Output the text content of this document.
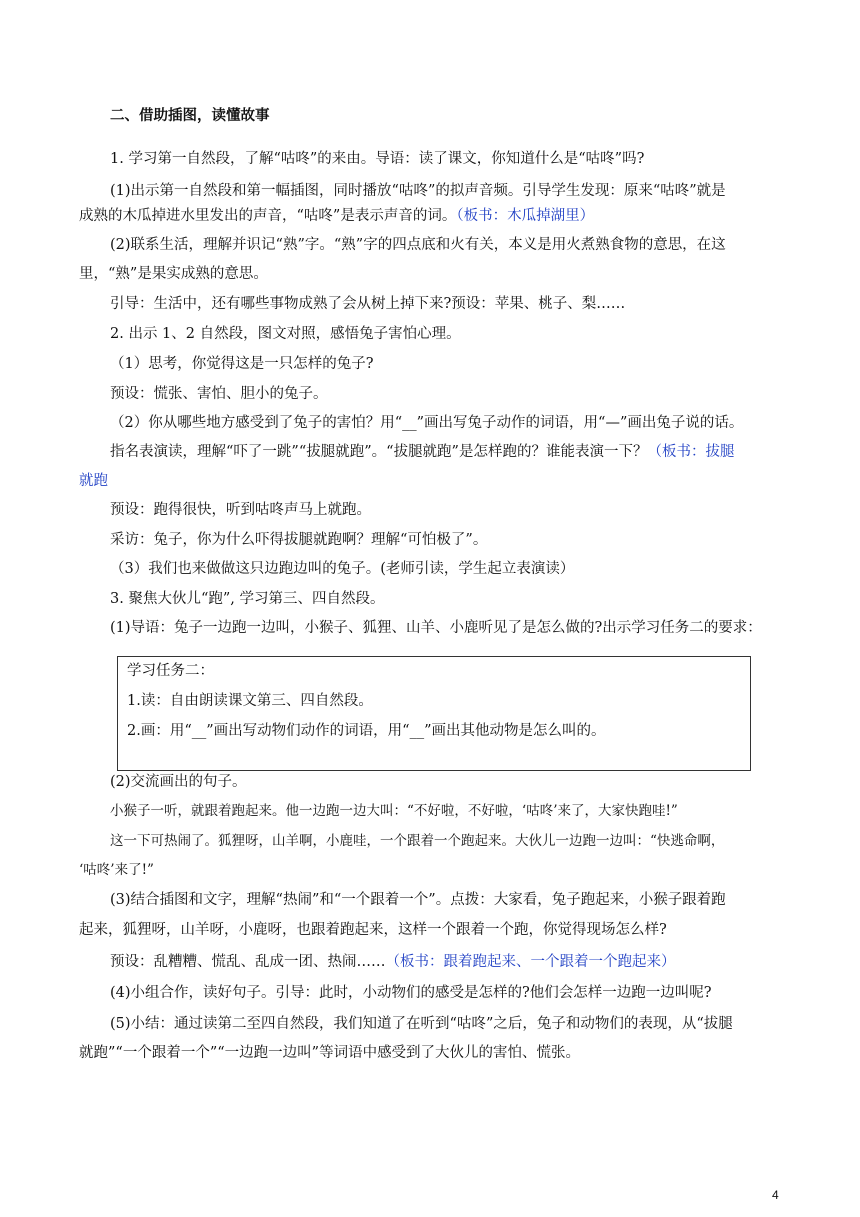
二、借助插图，读懂故事
1. 学习第一自然段，了解“咕咚”的来由。导语：读了课文，你知道什么是“咕咚”吗?
(1)出示第一自然段和第一幅插图，同时播放“咕咚”的拟声音频。引导学生发现：原来“咕咚”就是
成熟的木瓜掉进水里发出的声音，“咕咚”是表示声音的词。（板书：木瓜掉湖里）
(2)联系生活，理解并识记“熟”字。“熟”字的四点底和火有关，本义是用火煮熟食物的意思，在这
里，“熟”是果实成熟的意思。
引导：生活中，还有哪些事物成熟了会从树上掉下来?预设：苹果、桃子、梨……
2. 出示 1、2 自然段，图文对照，感悟兔子害怕心理。
（1）思考，你觉得这是一只怎样的兔子?
预设：慌张、害怕、胆小的兔子。
（2）你从哪些地方感受到了兔子的害怕？用“__”画出写兔子动作的词语，用“—”画出兔子说的话。
指名表演读，理解“吓了一跳”“拔腿就跑”。“拔腿就跑”是怎样跑的？谁能表演一下？（板书：拔腿
就跑
预设：跑得很快，听到咕咚声马上就跑。
采访：兔子，你为什么吓得拔腿就跑啊？理解“可怕极了”。
（3）我们也来做做这只边跑边叫的兔子。(老师引读，学生起立表演读）
3. 聚焦大伙儿“跑”, 学习第三、四自然段。
(1)导语：兔子一边跑一边叫，小猴子、狐狸、山羊、小鹿听见了是怎么做的?出示学习任务二的要求：
学习任务二：
1.读：自由朗读课文第三、四自然段。
2.画：用“__”画出写动物们动作的词语，用“__”画出其他动物是怎么叫的。
(2)交流画出的句子。
小猴子一听，就跟着跑起来。他一边跑一边大叫：“不好啦，不好啦，‘咕咚’来了，大家快跑哇!”
这一下可热闹了。狐狸呀，山羊啊，小鹿哇，一个跟着一个跑起来。大伙儿一边跑一边叫：“快逃命啊，
‘咕咚’来了!”
(3)结合插图和文字，理解“热闹”和“一个跟着一个”。点拨：大家看，兔子跑起来，小猴子跟着跑
起来，狐狸呀，山羊呀，小鹿呀，也跟着跑起来，这样一个跟着一个跑，你觉得现场怎么样?
预设：乱糟糟、慌乱、乱成一团、热闹……（板书：跟着跑起来、一个跟着一个跑起来）
(4)小组合作，读好句子。引导：此时，小动物们的感受是怎样的?他们会怎样一边跑一边叫呢?
(5)小结：通过读第二至四自然段，我们知道了在听到“咕咚”之后，兔子和动物们的表现，从“拔腿
就跑”“一个跟着一个”“一边跑一边叫”等词语中感受到了大伙儿的害怕、慌张。
4
